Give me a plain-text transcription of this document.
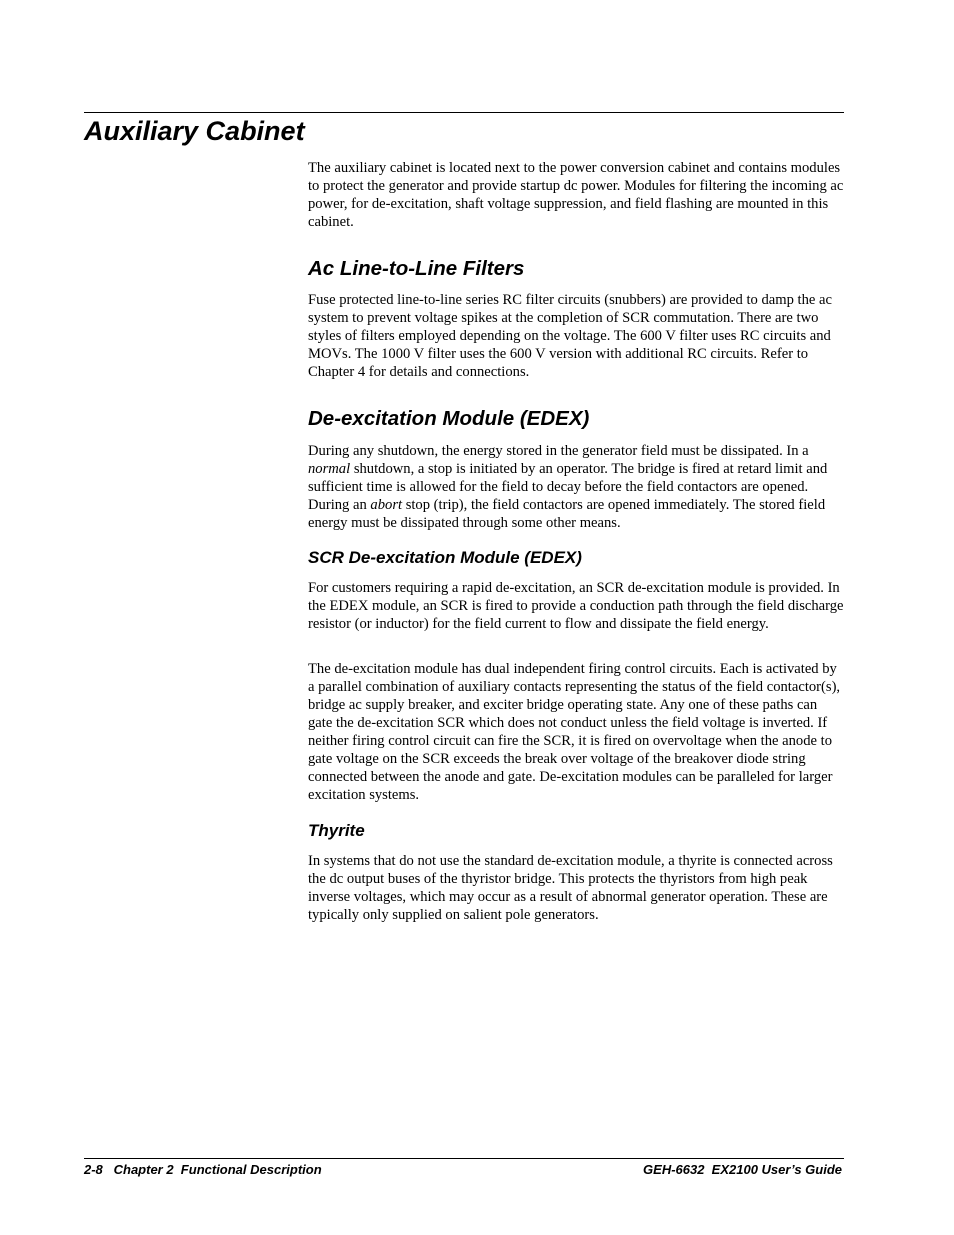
Auxiliary Cabinet

The auxiliary cabinet is located next to the power conversion cabinet and contains modules to protect the generator and provide startup dc power. Modules for filtering the incoming ac power, for de-excitation, shaft voltage suppression, and field flashing are mounted in this cabinet.

Ac Line-to-Line Filters

Fuse protected line-to-line series RC filter circuits (snubbers) are provided to damp the ac system to prevent voltage spikes at the completion of SCR commutation. There are two styles of filters employed depending on the voltage. The 600 V filter uses RC circuits and MOVs. The 1000 V filter uses the 600 V version with additional RC circuits. Refer to Chapter 4 for details and connections.

De-excitation Module (EDEX)

During any shutdown, the energy stored in the generator field must be dissipated. In a normal shutdown, a stop is initiated by an operator. The bridge is fired at retard limit and sufficient time is allowed for the field to decay before the field contactors are opened. During an abort stop (trip), the field contactors are opened immediately. The stored field energy must be dissipated through some other means.

SCR De-excitation Module (EDEX)

For customers requiring a rapid de-excitation, an SCR de-excitation module is provided. In the EDEX module, an SCR is fired to provide a conduction path through the field discharge resistor (or inductor) for the field current to flow and dissipate the field energy.

The de-excitation module has dual independent firing control circuits. Each is activated by a parallel combination of auxiliary contacts representing the status of the field contactor(s), bridge ac supply breaker, and exciter bridge operating state. Any one of these paths can gate the de-excitation SCR which does not conduct unless the field voltage is inverted. If neither firing control circuit can fire the SCR, it is fired on overvoltage when the anode to gate voltage on the SCR exceeds the break over voltage of the breakover diode string connected between the anode and gate. De-excitation modules can be paralleled for larger excitation systems.

Thyrite

In systems that do not use the standard de-excitation module, a thyrite is connected across the dc output buses of the thyristor bridge. This protects the thyristors from high peak inverse voltages, which may occur as a result of abnormal generator operation. These are typically only supplied on salient pole generators.

2-8   Chapter 2  Functional Description	GEH-6632  EX2100 User’s Guide
